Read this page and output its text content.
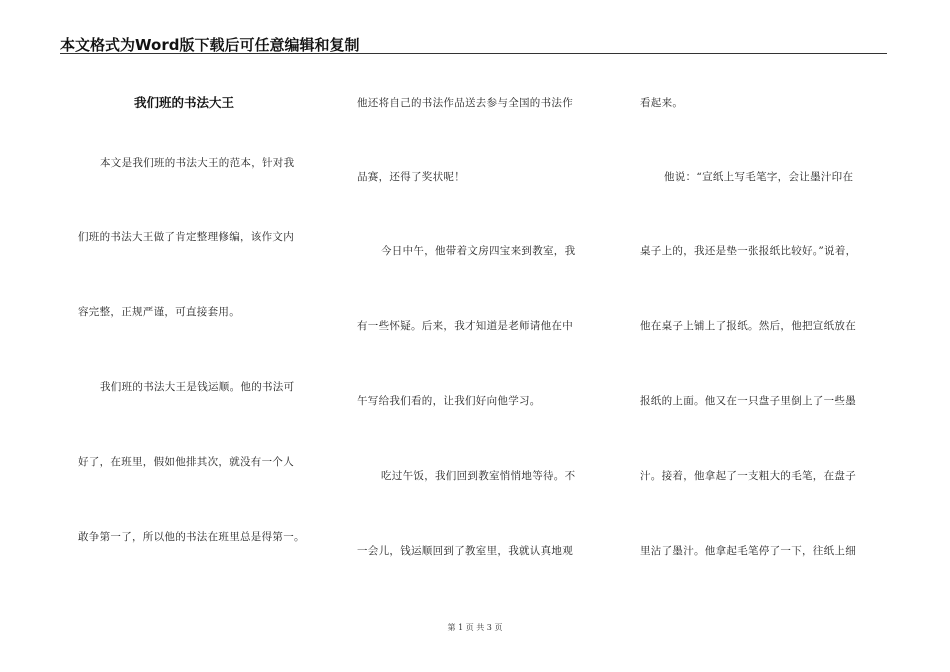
本文格式为Word版下载后可任意编辑和复制
我们班的书法大王
本文是我们班的书法大王的范本，针对我
们班的书法大王做了肯定整理修编，该作文内
容完整，正规严谨，可直接套用。
我们班的书法大王是钱运顺。他的书法可
好了，在班里，假如他排其次，就没有一个人
敢争第一了，所以他的书法在班里总是得第一。
他还将自己的书法作品送去参与全国的书法作
品赛，还得了奖状呢！
今日中午，他带着文房四宝来到教室，我
有一些怀疑。后来，我才知道是老师请他在中
午写给我们看的，让我们好向他学习。
吃过午饭，我们回到教室悄悄地等待。不
一会儿，钱运顺回到了教室里，我就认真地观
看起来。
他说：“宣纸上写毛笔字，会让墨汁印在
桌子上的，我还是垫一张报纸比较好。”说着，
他在桌子上铺上了报纸。然后，他把宣纸放在
报纸的上面。他又在一只盘子里倒上了一些墨
汁。接着，他拿起了一支粗大的毛笔，在盘子
里沾了墨汁。他拿起毛笔停了一下，往纸上细
第 1 页 共 3 页
